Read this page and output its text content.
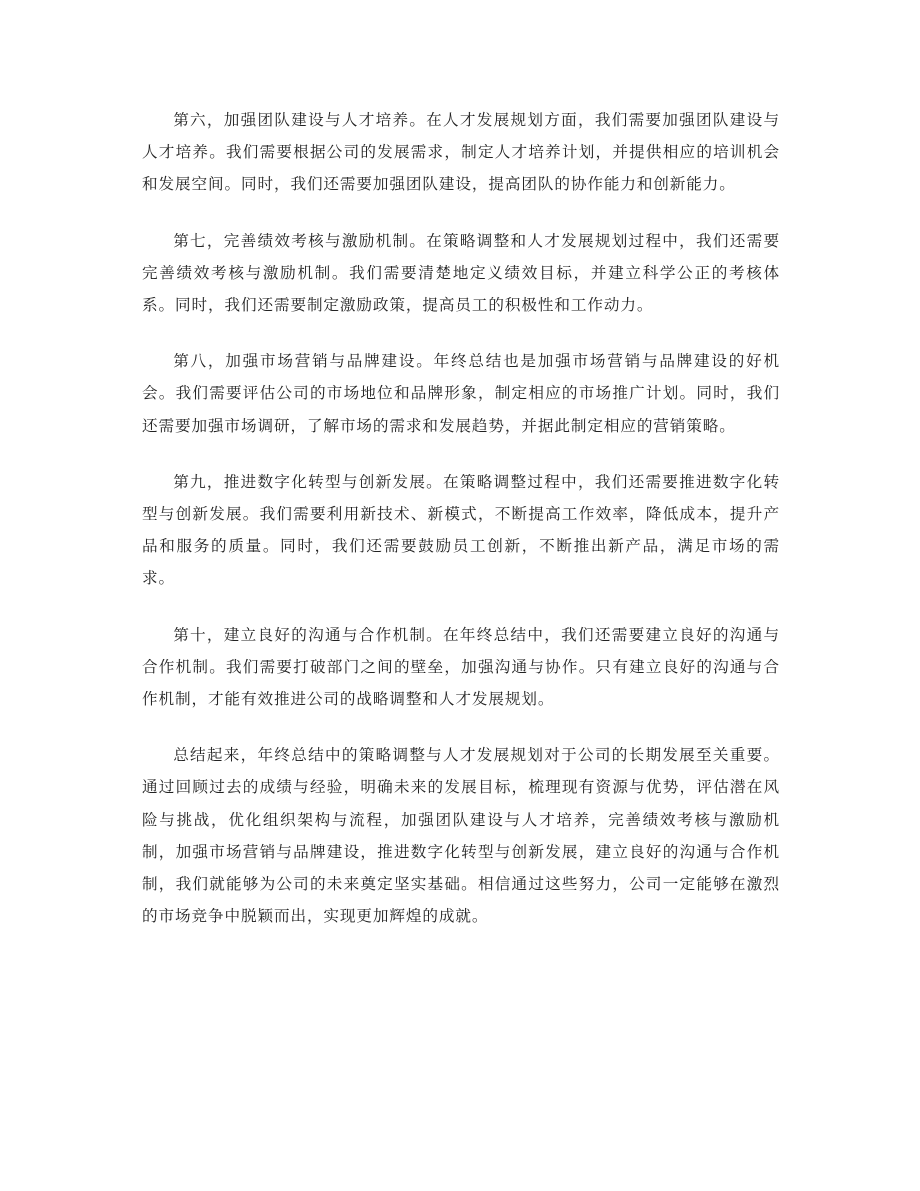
第六，加强团队建设与人才培养。在人才发展规划方面，我们需要加强团队建设与人才培养。我们需要根据公司的发展需求，制定人才培养计划，并提供相应的培训机会和发展空间。同时，我们还需要加强团队建设，提高团队的协作能力和创新能力。

第七，完善绩效考核与激励机制。在策略调整和人才发展规划过程中，我们还需要完善绩效考核与激励机制。我们需要清楚地定义绩效目标，并建立科学公正的考核体系。同时，我们还需要制定激励政策，提高员工的积极性和工作动力。

第八，加强市场营销与品牌建设。年终总结也是加强市场营销与品牌建设的好机会。我们需要评估公司的市场地位和品牌形象，制定相应的市场推广计划。同时，我们还需要加强市场调研，了解市场的需求和发展趋势，并据此制定相应的营销策略。

第九，推进数字化转型与创新发展。在策略调整过程中，我们还需要推进数字化转型与创新发展。我们需要利用新技术、新模式，不断提高工作效率，降低成本，提升产品和服务的质量。同时，我们还需要鼓励员工创新，不断推出新产品，满足市场的需求。

第十，建立良好的沟通与合作机制。在年终总结中，我们还需要建立良好的沟通与合作机制。我们需要打破部门之间的壁垒，加强沟通与协作。只有建立良好的沟通与合作机制，才能有效推进公司的战略调整和人才发展规划。

总结起来，年终总结中的策略调整与人才发展规划对于公司的长期发展至关重要。通过回顾过去的成绩与经验，明确未来的发展目标，梳理现有资源与优势，评估潜在风险与挑战，优化组织架构与流程，加强团队建设与人才培养，完善绩效考核与激励机制，加强市场营销与品牌建设，推进数字化转型与创新发展，建立良好的沟通与合作机制，我们就能够为公司的未来奠定坚实基础。相信通过这些努力，公司一定能够在激烈的市场竞争中脱颖而出，实现更加辉煌的成就。
